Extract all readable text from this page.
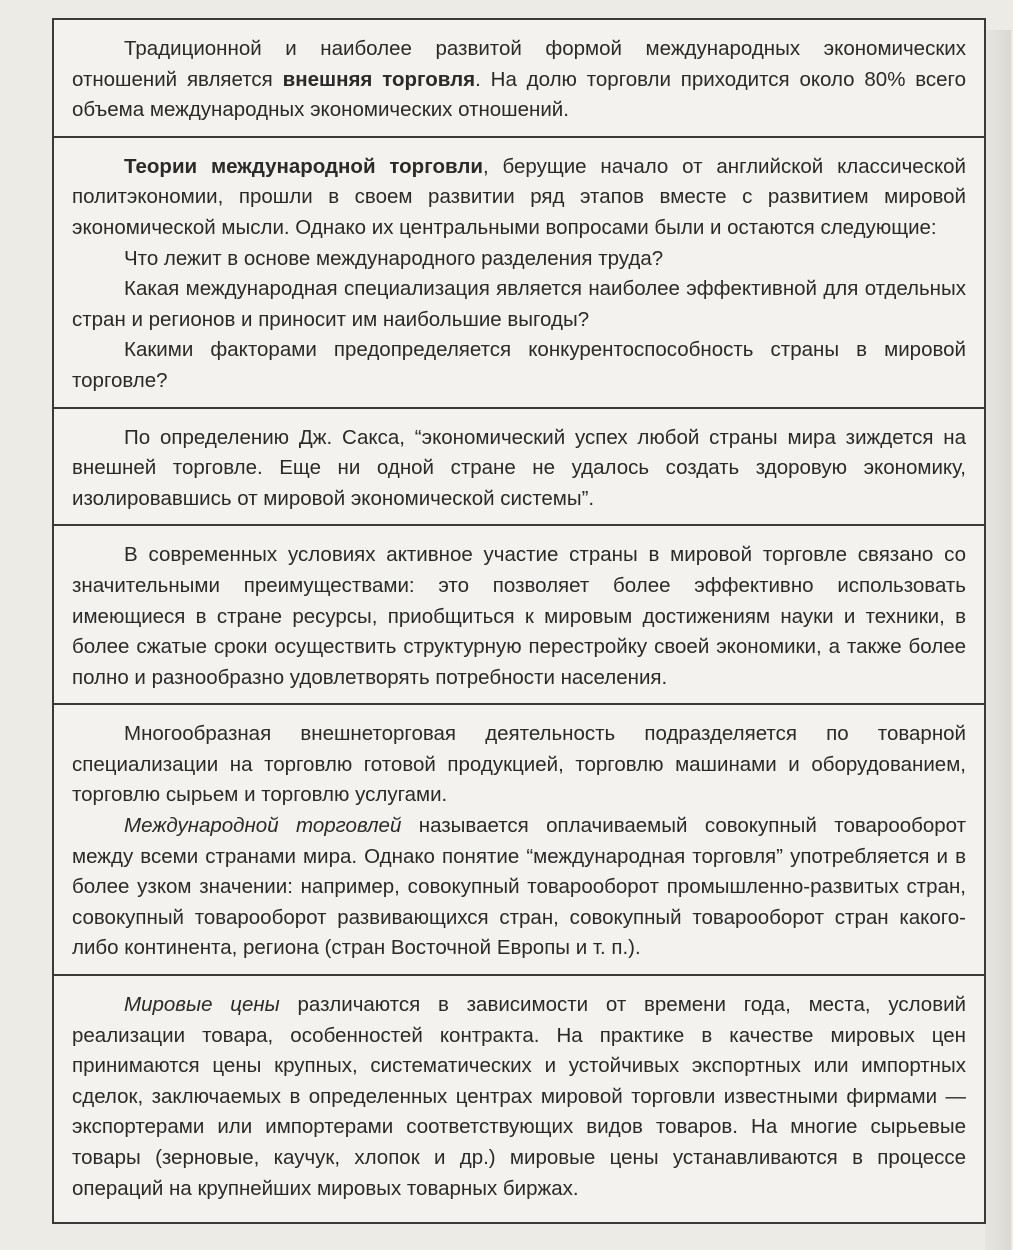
Традиционной и наиболее развитой формой международных экономических отношений является внешняя торговля. На долю торговли приходится около 80% всего объема международных экономических отношений.

Теории международной торговли, берущие начало от английской классической политэкономии, прошли в своем развитии ряд этапов вместе с развитием мировой экономической мысли. Однако их центральными вопросами были и остаются следующие:

Что лежит в основе международного разделения труда?

Какая международная специализация является наиболее эффективной для отдельных стран и регионов и приносит им наибольшие выгоды?

Какими факторами предопределяется конкурентоспособность страны в мировой торговле?

По определению Дж. Сакса, “экономический успех любой страны мира зиждется на внешней торговле. Еще ни одной стране не удалось создать здоровую экономику, изолировавшись от мировой экономической системы”.

В современных условиях активное участие страны в мировой торговле связано со значительными преимуществами: это позволяет более эффективно использовать имеющиеся в стране ресурсы, приобщиться к мировым достижениям науки и техники, в более сжатые сроки осуществить структурную перестройку своей экономики, а также более полно и разнообразно удовлетворять потребности населения.

Многообразная внешнеторговая деятельность подразделяется по товарной специализации на торговлю готовой продукцией, торговлю машинами и оборудованием, торговлю сырьем и торговлю услугами.

Международной торговлей называется оплачиваемый совокупный товарооборот между всеми странами мира. Однако понятие “международная торговля” употребляется и в более узком значении: например, совокупный товарооборот промышленно-развитых стран, совокупный товарооборот развивающихся стран, совокупный товарооборот стран какого-либо континента, региона (стран Восточной Европы и т. п.).

Мировые цены различаются в зависимости от времени года, места, условий реализации товара, особенностей контракта. На практике в качестве мировых цен принимаются цены крупных, систематических и устойчивых экспортных или импортных сделок, заключаемых в определенных центрах мировой торговли известными фирмами — экспортерами или импортерами соответствующих видов товаров. На многие сырьевые товары (зерновые, каучук, хлопок и др.) мировые цены устанавливаются в процессе операций на крупнейших мировых товарных биржах.
